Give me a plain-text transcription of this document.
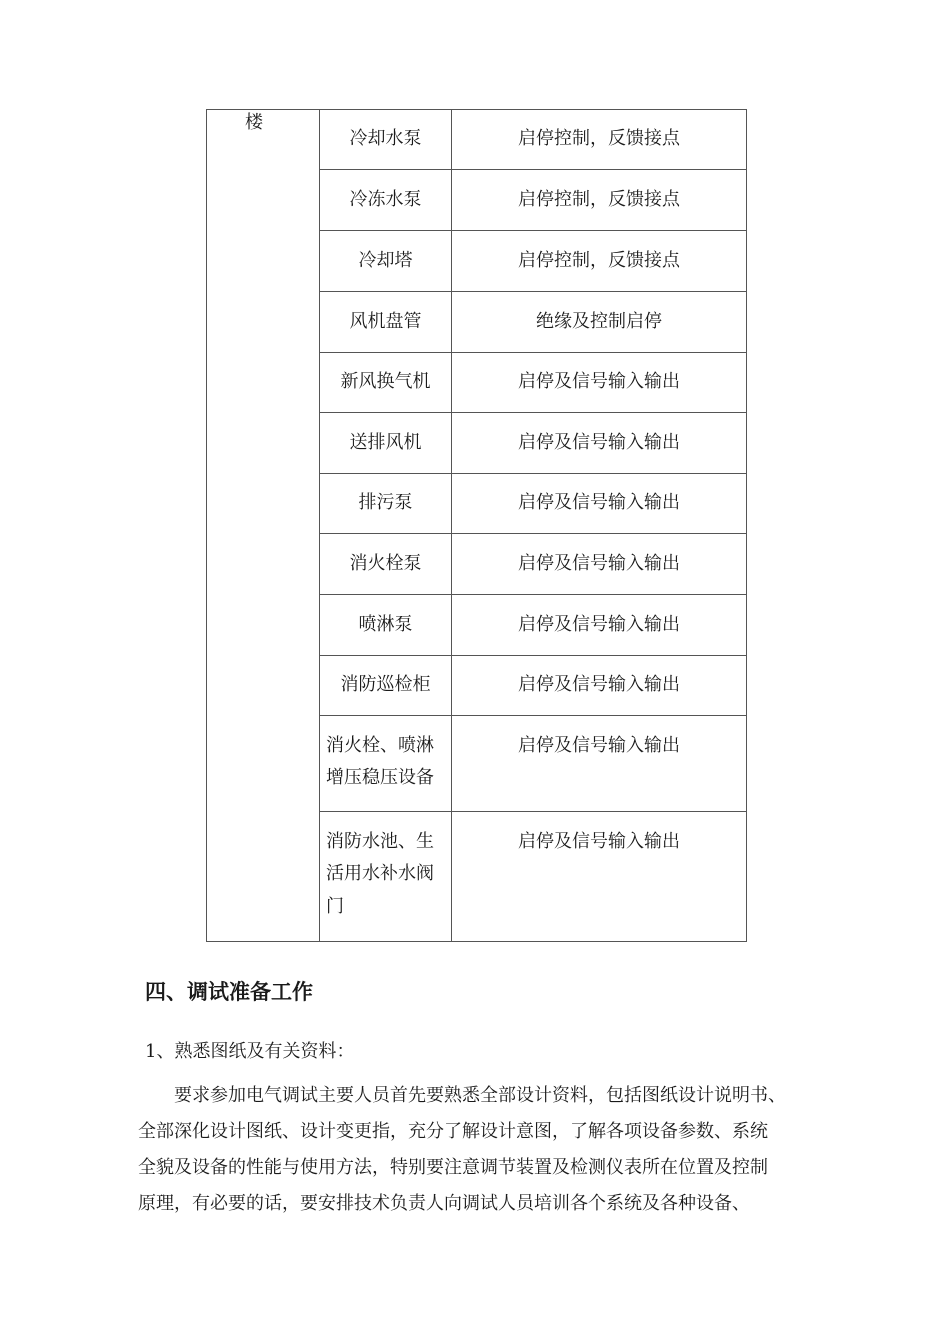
楼	冷却水泵	启停控制，反馈接点

	冷冻水泵	启停控制，反馈接点

	冷却塔	启停控制，反馈接点

	风机盘管	绝缘及控制启停

	新风换气机	启停及信号输入输出

	送排风机	启停及信号输入输出

	排污泵	启停及信号输入输出

	消火栓泵	启停及信号输入输出

	喷淋泵	启停及信号输入输出

	消防巡检柜	启停及信号输入输出

	消火栓、喷淋
增压稳压设备	启停及信号输入输出

	消防水池、生
活用水补水阀
门	启停及信号输入输出
四、调试准备工作

1、熟悉图纸及有关资料：

要求参加电气调试主要人员首先要熟悉全部设计资料，包括图纸设计说明书、
全部深化设计图纸、设计变更指，充分了解设计意图，了解各项设备参数、系统
全貌及设备的性能与使用方法，特别要注意调节装置及检测仪表所在位置及控制
原理，有必要的话，要安排技术负责人向调试人员培训各个系统及各种设备、
